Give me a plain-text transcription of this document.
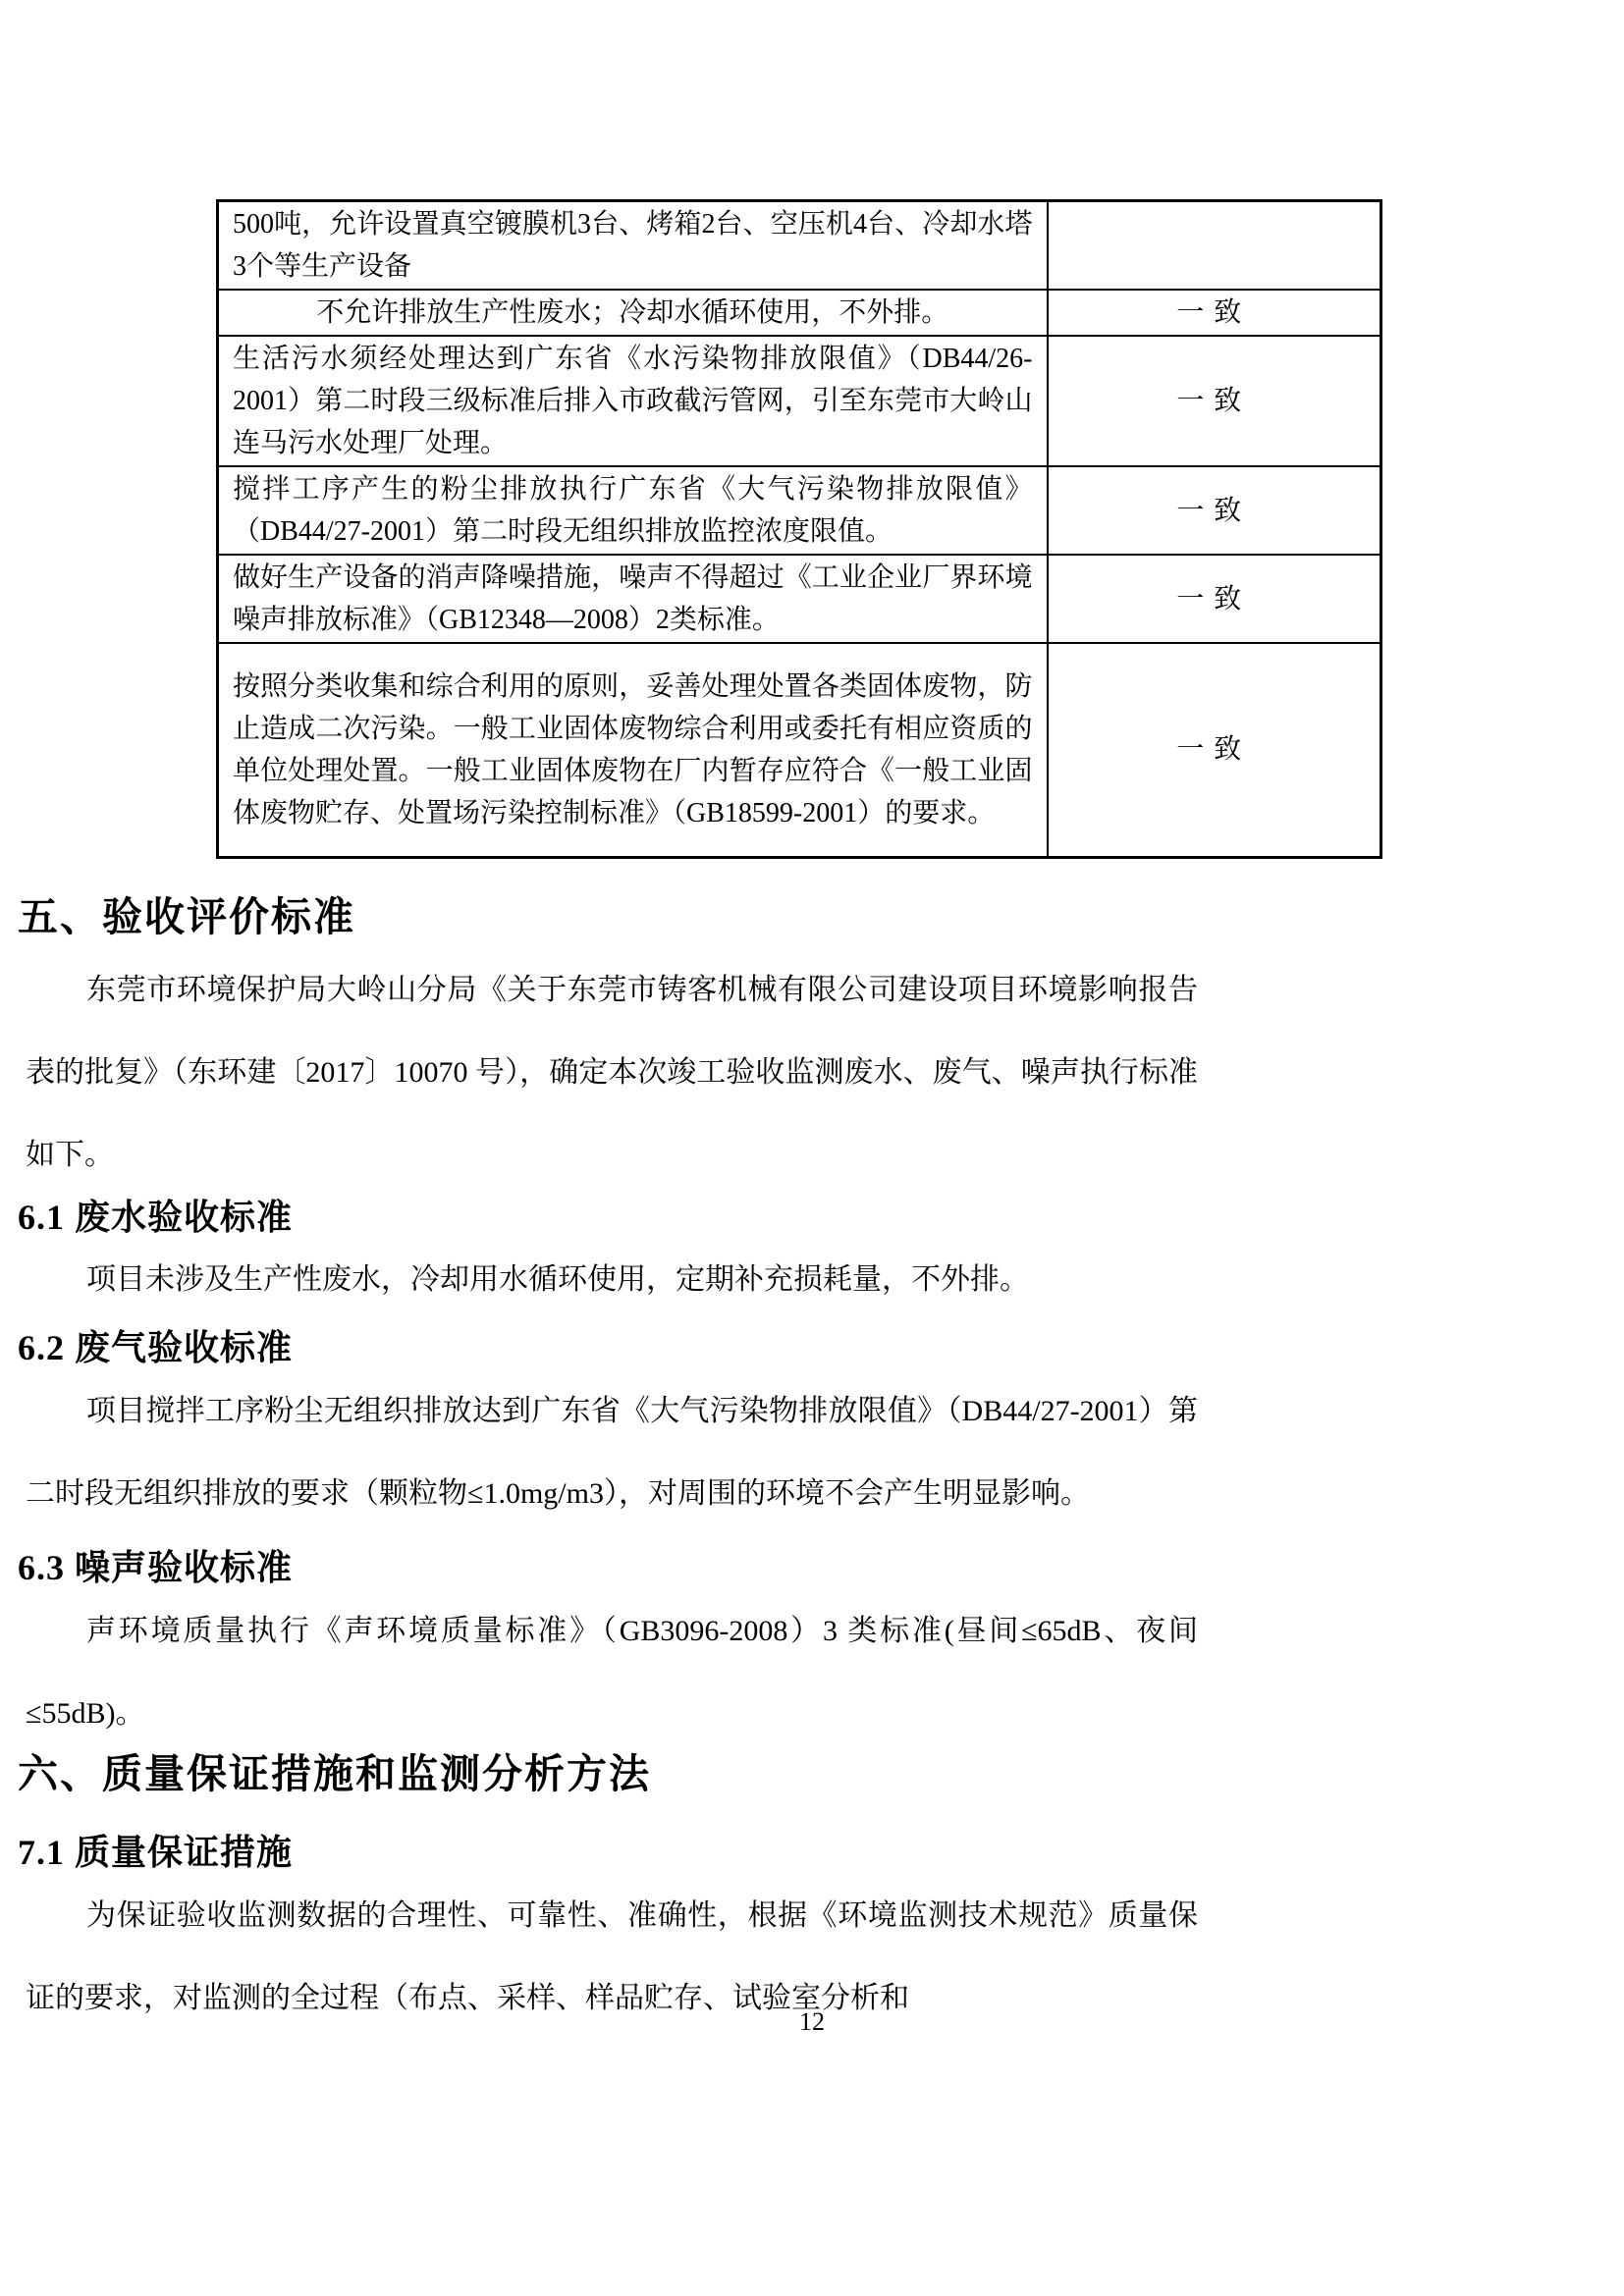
500吨，允许设置真空镀膜机3台、烤箱2台、空压机4台、冷却水塔3个等生产设备	
不允许排放生产性废水；冷却水循环使用，不外排。	一致
生活污水须经处理达到广东省《水污染物排放限值》（DB44/26-2001）第二时段三级标准后排入市政截污管网，引至东莞市大岭山连马污水处理厂处理。	一致
搅拌工序产生的粉尘排放执行广东省《大气污染物排放限值》（DB44/27-2001）第二时段无组织排放监控浓度限值。	一致
做好生产设备的消声降噪措施，噪声不得超过《工业企业厂界环境噪声排放标准》（GB12348—2008）2类标准。	一致
按照分类收集和综合利用的原则，妥善处理处置各类固体废物，防止造成二次污染。一般工业固体废物综合利用或委托有相应资质的单位处理处置。一般工业固体废物在厂内暂存应符合《一般工业固体废物贮存、处置场污染控制标准》（GB18599-2001）的要求。	一致
五、验收评价标准
东莞市环境保护局大岭山分局《关于东莞市铸客机械有限公司建设项目环境影响报告表的批复》（东环建〔2017〕10070 号），确定本次竣工验收监测废水、废气、噪声执行标准如下。
6.1 废水验收标准
项目未涉及生产性废水，冷却用水循环使用，定期补充损耗量，不外排。
6.2 废气验收标准
项目搅拌工序粉尘无组织排放达到广东省《大气污染物排放限值》（DB44/27-2001）第二时段无组织排放的要求（颗粒物≤1.0mg/m3），对周围的环境不会产生明显影响。
6.3 噪声验收标准
声环境质量执行《声环境质量标准》（GB3096-2008）3 类标准(昼间≤65dB、夜间≤55dB)。
六、质量保证措施和监测分析方法
7.1 质量保证措施
为保证验收监测数据的合理性、可靠性、准确性，根据《环境监测技术规范》质量保证的要求，对监测的全过程（布点、采样、样品贮存、试验室分析和
12
